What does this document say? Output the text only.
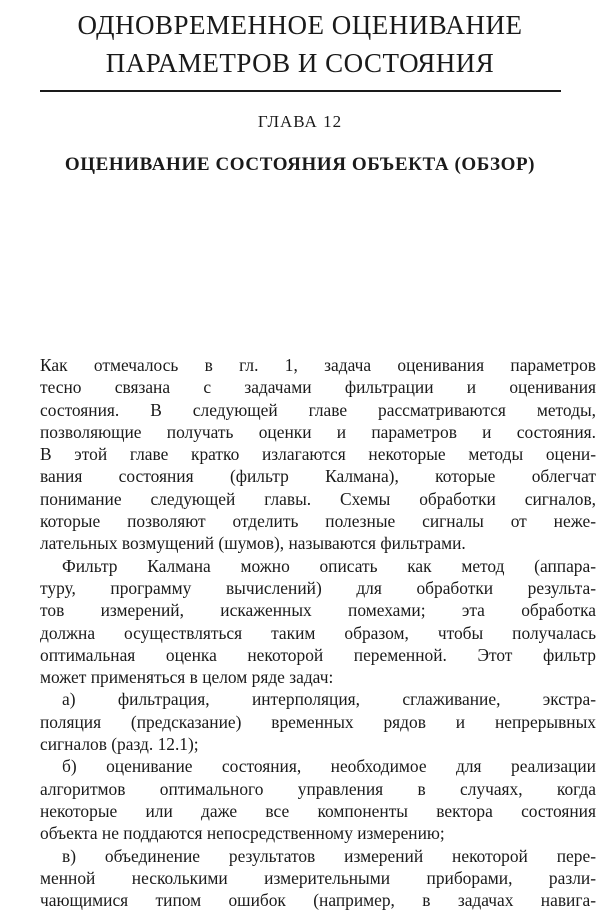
ОДНОВРЕМЕННОЕ ОЦЕНИВАНИЕ
ПАРАМЕТРОВ И СОСТОЯНИЯ
ГЛАВА 12
ОЦЕНИВАНИЕ СОСТОЯНИЯ ОБЪЕКТА (ОБЗОР)
Как отмечалось в гл. 1, задача оценивания параметров
тесно связана с задачами фильтрации и оценивания
состояния. В следующей главе рассматриваются методы,
позволяющие получать оценки и параметров и состояния.
В этой главе кратко излагаются некоторые методы оцени-
вания состояния (фильтр Калмана), которые облегчат
понимание следующей главы. Схемы обработки сигналов,
которые позволяют отделить полезные сигналы от неже-
лательных возмущений (шумов), называются фильтрами.
Фильтр Калмана можно описать как метод (аппара-
туру, программу вычислений) для обработки результа-
тов измерений, искаженных помехами; эта обработка
должна осуществляться таким образом, чтобы получалась
оптимальная оценка некоторой переменной. Этот фильтр
может применяться в целом ряде задач:
а) фильтрация, интерполяция, сглаживание, экстра-
поляция (предсказание) временных рядов и непрерывных
сигналов (разд. 12.1);
б) оценивание состояния, необходимое для реализации
алгоритмов оптимального управления в случаях, когда
некоторые или даже все компоненты вектора состояния
объекта не поддаются непосредственному измерению;
в) объединение результатов измерений некоторой пере-
менной несколькими измерительными приборами, разли-
чающимися типом ошибок (например, в задачах навига-
